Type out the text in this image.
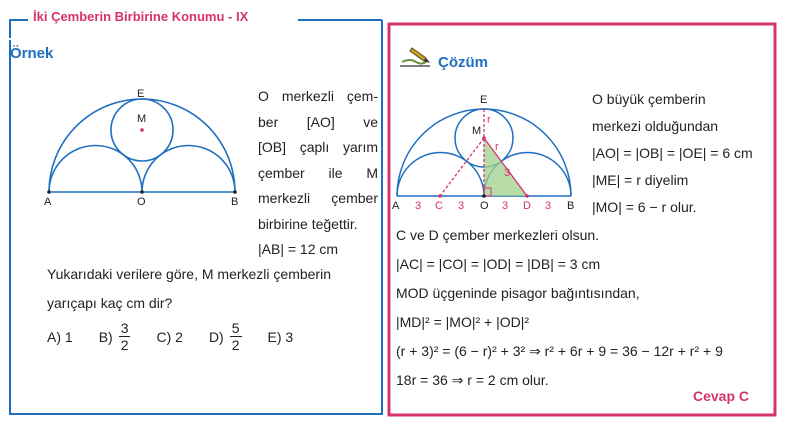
E
M
A	O	B
E
M
r
r
3
A 3 C 3 O 3 D 3 B
İki Çemberin Birbirine Konumu - IX
Örnek
Çözüm
O merkezli çem-
ber [AO] ve
[OB] çaplı yarım
çember ile M
merkezli çember
birbirine teğettir.
|AB| = 12 cm
Yukarıdaki verilere göre, M merkezli çemberin
yarıçapı kaç cm dir?
A) 1 $B) \frac{3}{2} C$) 2 $D) \frac{5}{2} E$) 3
O büyük çemberin
merkezi olduğundan
|AO| = |OB| = |OE| = 6 cm
|ME| = r diyelim
|MO| = 6 − r olur.
C ve D çember merkezleri olsun.
|AC| = |CO| = |OD| = |DB| = 3 cm
MOD üçgeninde pisagor bağıntısından,
|MD|² = |MO|² + |OD|²
(r + 3)² = (6 − r)² + 3² ⇒ r² + 6r + 9 = 36 − 12r + r² + 9
18r = 36 ⇒ r = 2 cm olur.
Cevap C
